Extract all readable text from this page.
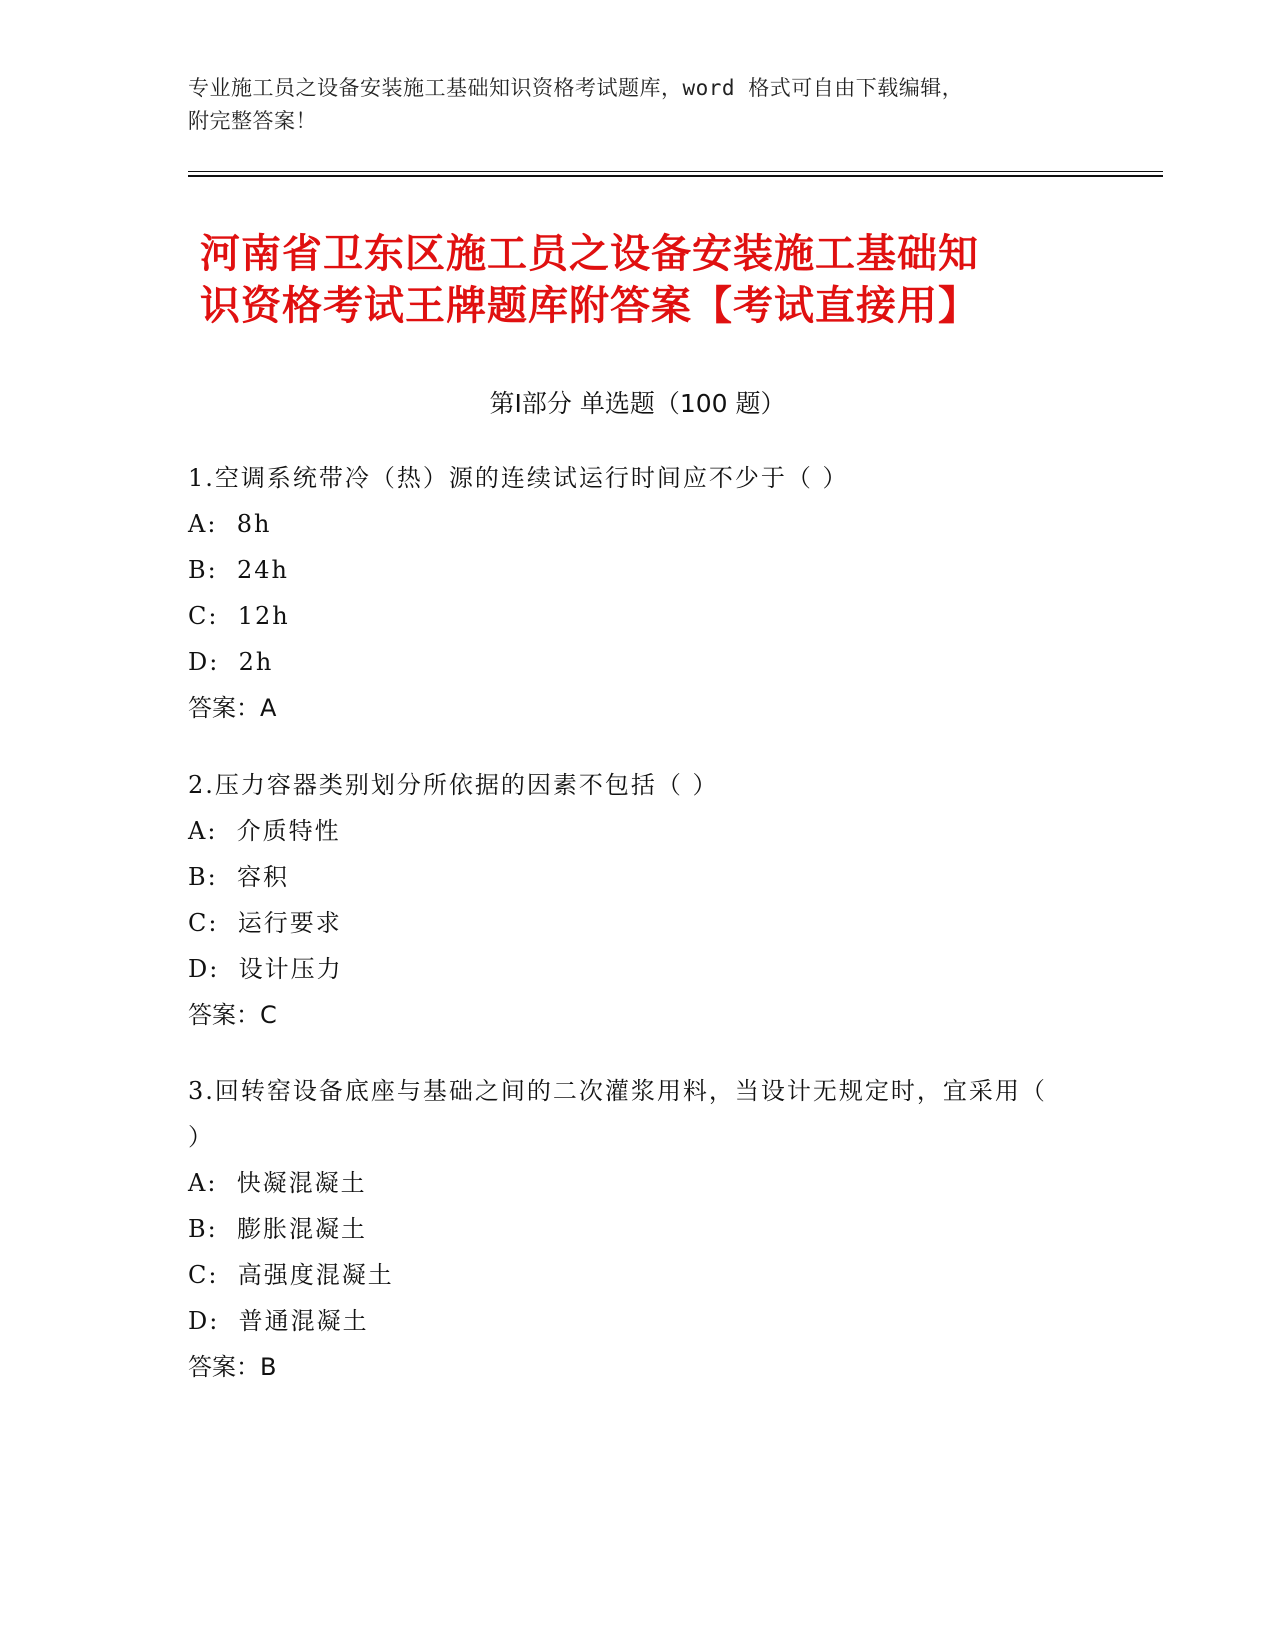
专业施工员之设备安装施工基础知识资格考试题库，word 格式可自由下载编辑，
附完整答案！
河南省卫东区施工员之设备安装施工基础知
识资格考试王牌题库附答案【考试直接用】
第Ⅰ部分 单选题（100 题）
1.空调系统带冷（热）源的连续试运行时间应不少于（ ）
A: 8h
B: 24h
C: 12h
D: 2h
答案：A
2.压力容器类别划分所依据的因素不包括（ ）
A: 介质特性
B: 容积
C: 运行要求
D: 设计压力
答案：C
3.回转窑设备底座与基础之间的二次灌浆用料，当设计无规定时，宜采用（ ）
A: 快凝混凝土
B: 膨胀混凝土
C: 高强度混凝土
D: 普通混凝土
答案：B
